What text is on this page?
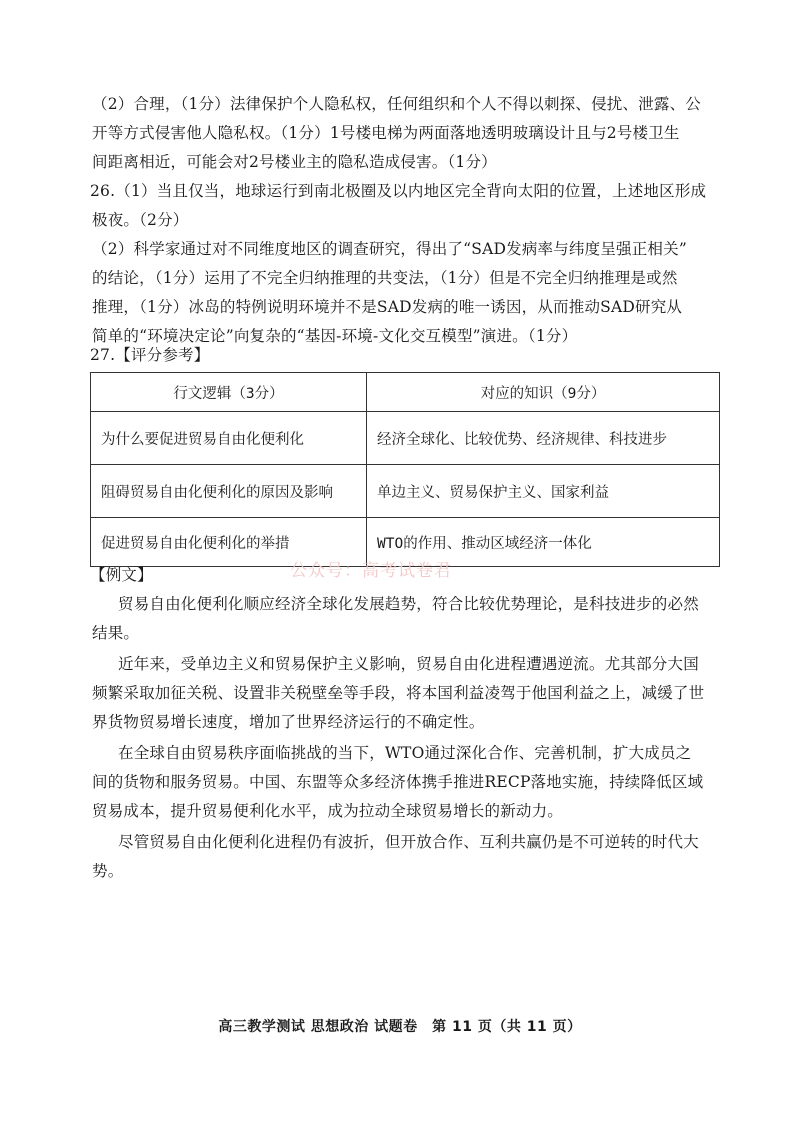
（2）合理，（1分）法律保护个人隐私权，任何组织和个人不得以刺探、侵扰、泄露、公
开等方式侵害他人隐私权。（1分）1号楼电梯为两面落地透明玻璃设计且与2号楼卫生
间距离相近，可能会对2号楼业主的隐私造成侵害。（1分）
26.（1）当且仅当，地球运行到南北极圈及以内地区完全背向太阳的位置，上述地区形成
极夜。（2分）
（2）科学家通过对不同维度地区的调查研究，得出了“SAD发病率与纬度呈强正相关”
的结论，（1分）运用了不完全归纳推理的共变法，（1分）但是不完全归纳推理是或然
推理，（1分）冰岛的特例说明环境并不是SAD发病的唯一诱因，从而推动SAD研究从
简单的“环境决定论”向复杂的“基因-环境-文化交互模型”演进。（1分）
27.【评分参考】
行文逻辑（3分）	对应的知识（9分）
为什么要促进贸易自由化便利化	经济全球化、比较优势、经济规律、科技进步
阻碍贸易自由化便利化的原因及影响	单边主义、贸易保护主义、国家利益
促进贸易自由化便利化的举措	WTO的作用、推动区域经济一体化
公众号：高考试卷君
【例文】
贸易自由化便利化顺应经济全球化发展趋势，符合比较优势理论，是科技进步的必然
结果。
近年来，受单边主义和贸易保护主义影响，贸易自由化进程遭遇逆流。尤其部分大国
频繁采取加征关税、设置非关税壁垒等手段，将本国利益凌驾于他国利益之上，减缓了世
界货物贸易增长速度，增加了世界经济运行的不确定性。
在全球自由贸易秩序面临挑战的当下，WTO通过深化合作、完善机制，扩大成员之
间的货物和服务贸易。中国、东盟等众多经济体携手推进RECP落地实施，持续降低区域
贸易成本，提升贸易便利化水平，成为拉动全球贸易增长的新动力。
尽管贸易自由化便利化进程仍有波折，但开放合作、互利共赢仍是不可逆转的时代大
势。
高三教学测试 思想政治 试题卷　第 11 页（共 11 页）
